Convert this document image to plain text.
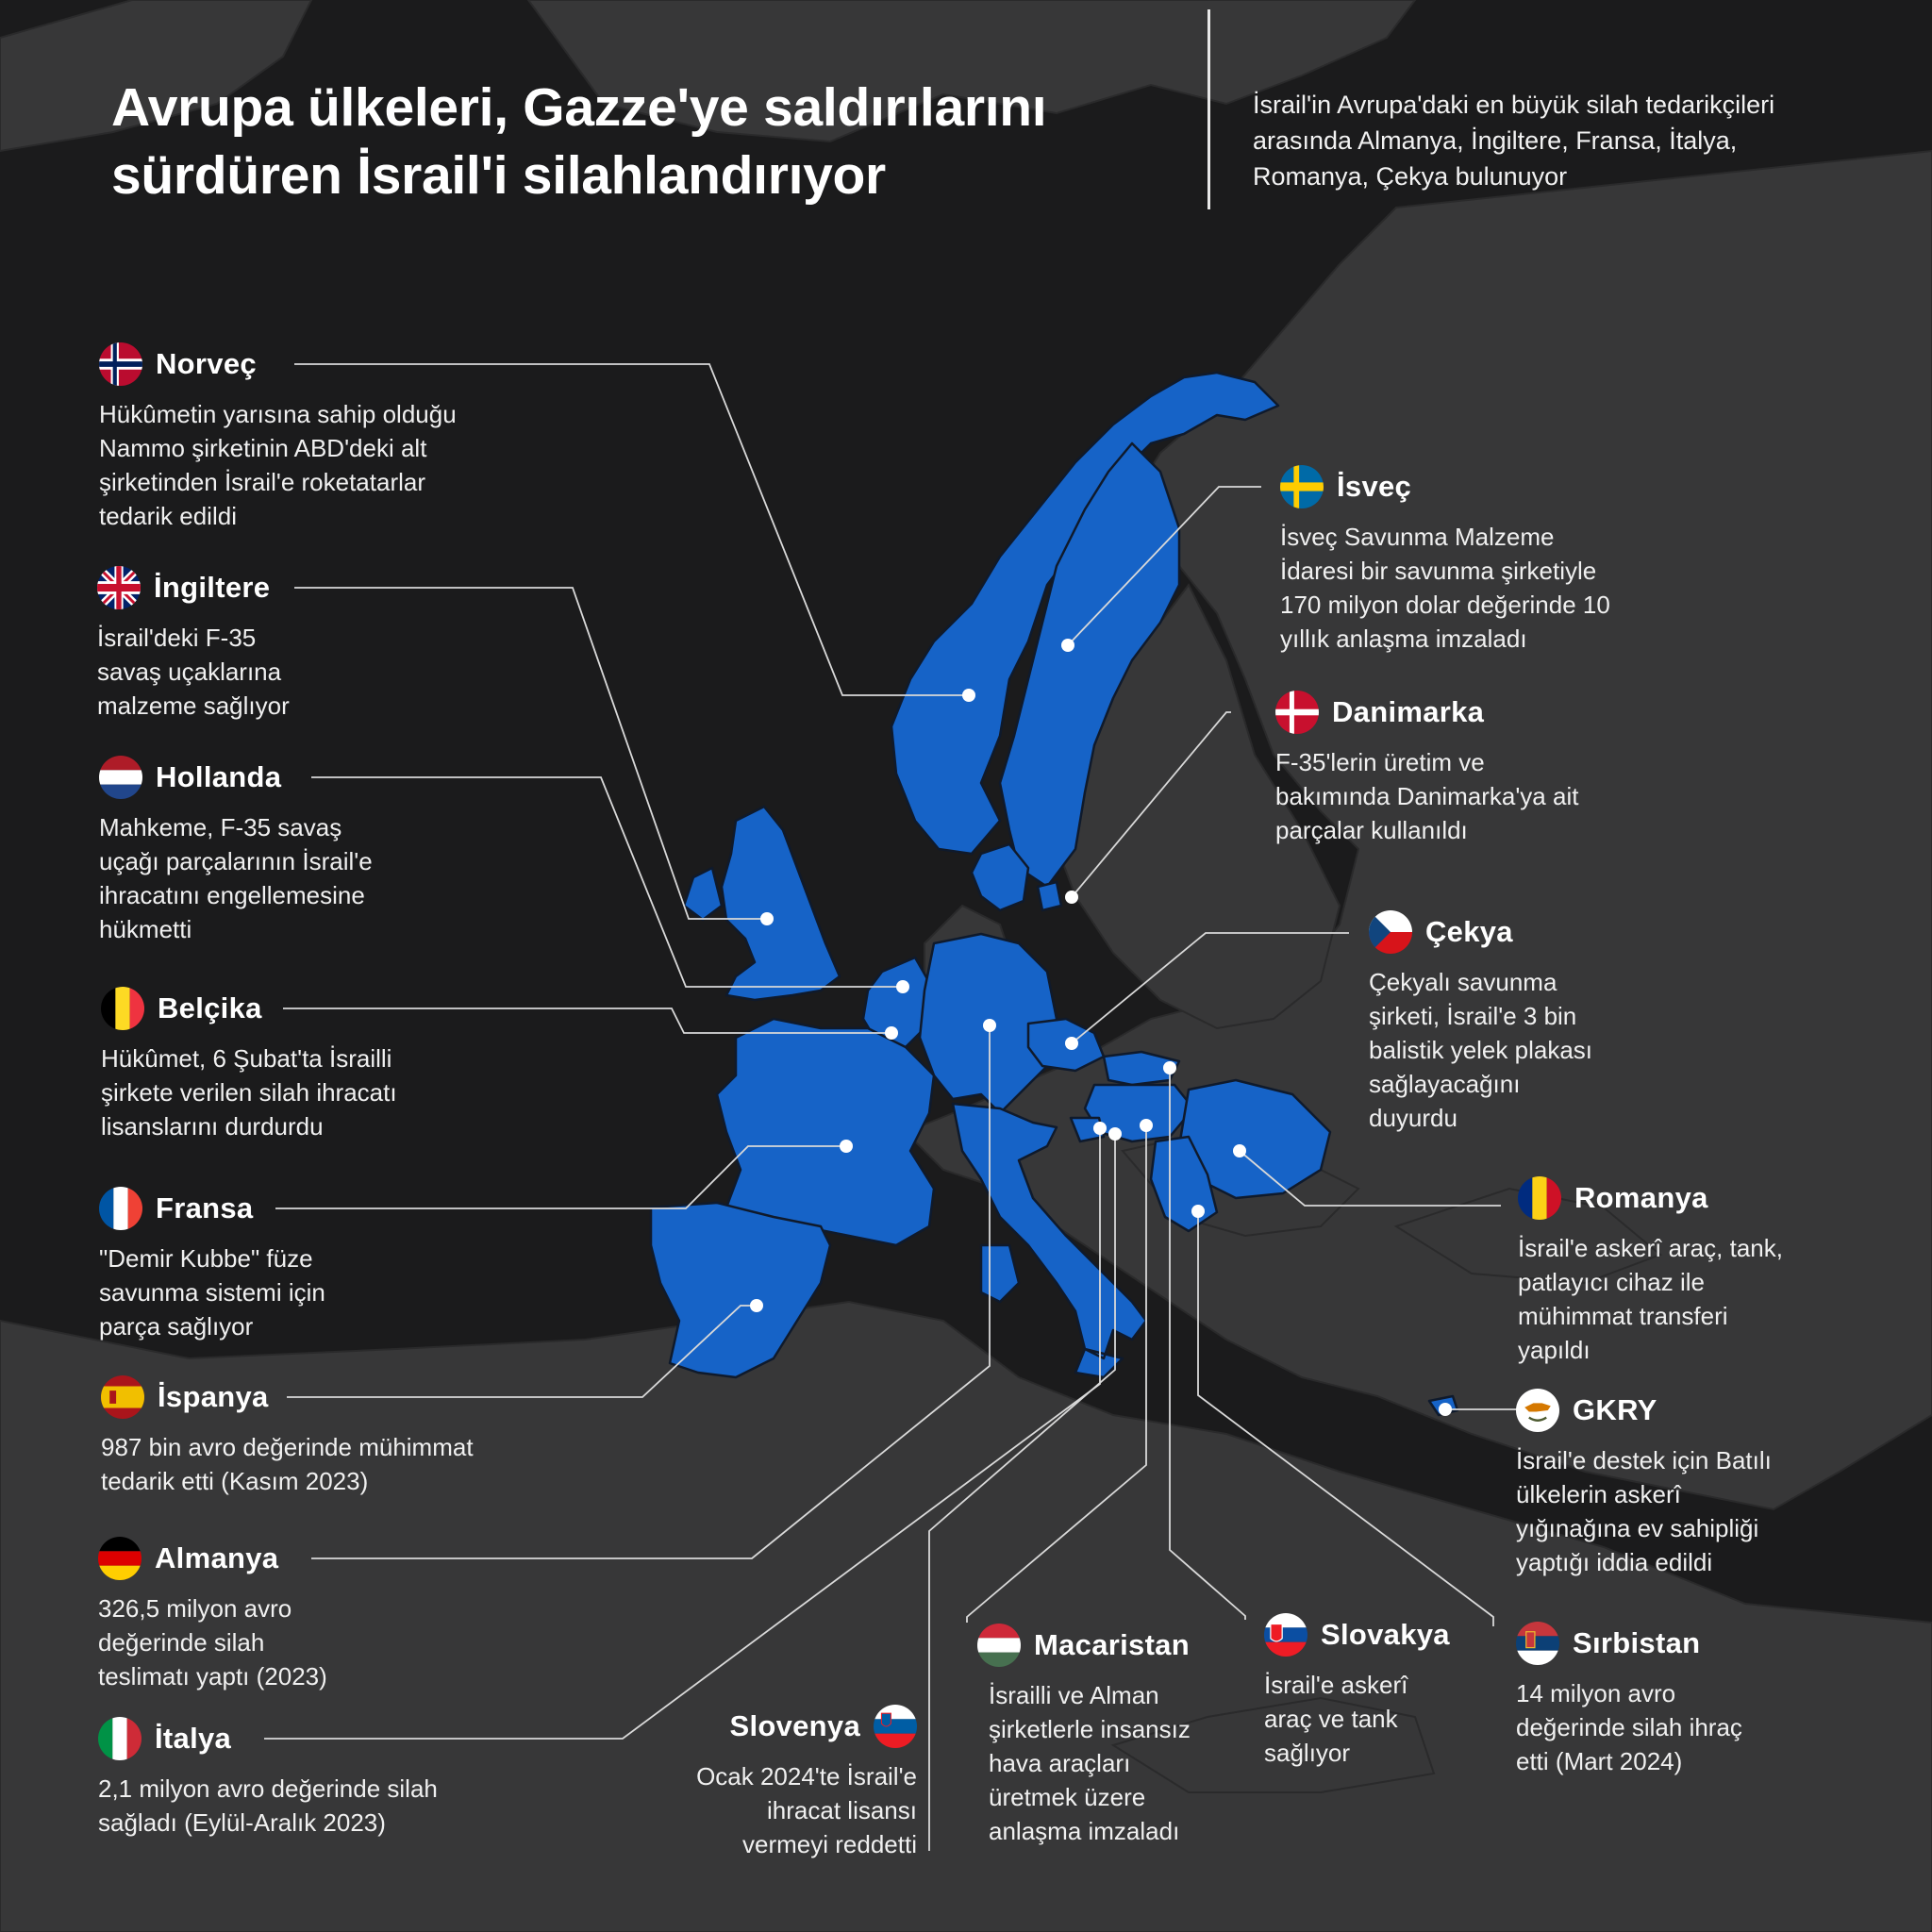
Avrupa ülkeleri, Gazze'ye saldırılarını
sürdüren İsrail'i silahlandırıyor

İsrail'in Avrupa'daki en büyük silah tedarikçileri arasında Almanya, İngiltere, Fransa, İtalya, Romanya, Çekya bulunuyor

Norveç
Hükûmetin yarısına sahip olduğu
Nammo şirketinin ABD'deki alt
şirketinden İsrail'e roketatarlar
tedarik edildi
İngiltere
İsrail'deki F-35
savaş uçaklarına
malzeme sağlıyor
Hollanda
Mahkeme, F-35 savaş
uçağı parçalarının İsrail'e
ihracatını engellemesine
hükmetti
Belçika
Hükûmet, 6 Şubat'ta İsrailli
şirkete verilen silah ihracatı
lisanslarını durdurdu
Fransa
"Demir Kubbe" füze
savunma sistemi için
parça sağlıyor
İspanya
987 bin avro değerinde mühimmat
tedarik etti (Kasım 2023)
Almanya
326,5 milyon avro
değerinde silah
teslimatı yaptı (2023)
İtalya
2,1 milyon avro değerinde silah
sağladı (Eylül-Aralık 2023)
İsveç
İsveç Savunma Malzeme
İdaresi bir savunma şirketiyle
170 milyon dolar değerinde 10
yıllık anlaşma imzaladı
Danimarka
F-35'lerin üretim ve
bakımında Danimarka'ya ait
parçalar kullanıldı
Çekya
Çekyalı savunma
şirketi, İsrail'e 3 bin
balistik yelek plakası
sağlayacağını
duyurdu
Romanya
İsrail'e askerî araç, tank,
patlayıcı cihaz ile
mühimmat transferi
yapıldı
GKRY
İsrail'e destek için Batılı
ülkelerin askerî
yığınağına ev sahipliği
yaptığı iddia edildi
Sırbistan
14 milyon avro
değerinde silah ihraç
etti (Mart 2024)
Slovakya
İsrail'e askerî
araç ve tank
sağlıyor
Macaristan
İsrailli ve Alman
şirketlerle insansız
hava araçları
üretmek üzere
anlaşma imzaladı
Slovenya
Ocak 2024'te İsrail'e
ihracat lisansı
vermeyi reddetti
